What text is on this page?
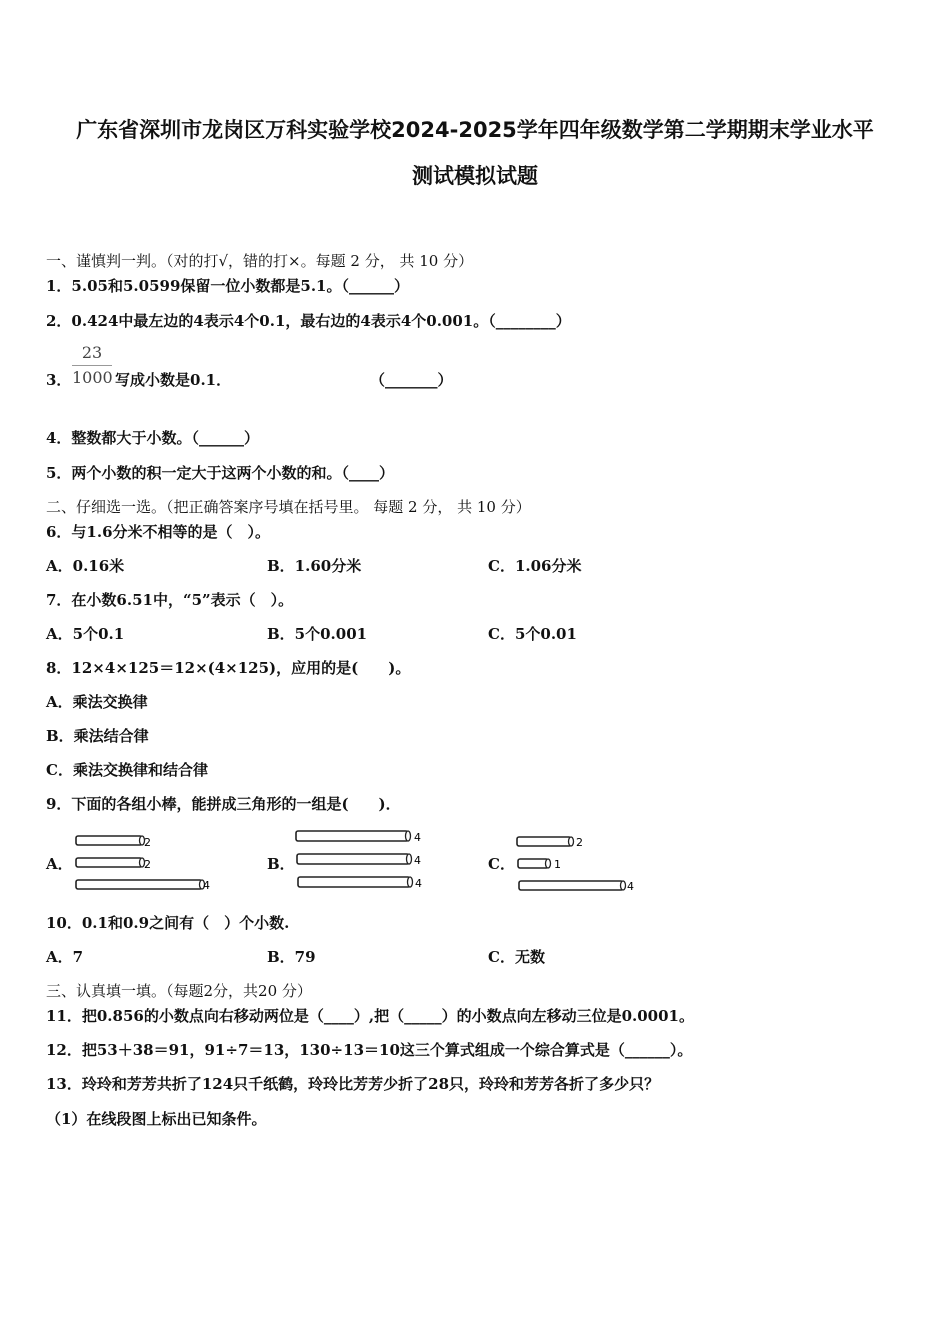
广东省深圳市龙岗区万科实验学校2024-2025学年四年级数学第二学期期末学业水平
测试模拟试题
一、谨慎判一判。（对的打√，错的打×。每题 2 分， 共 10 分）
1．5.05和5.0599保留一位小数都是5.1。（______）
2．0.424中最左边的4表示4个0.1，最右边的4表示4个0.001。（________）
3．
23
1000 写成小数是0.1．	（_______）
4．整数都大于小数。（______）
5．两个小数的积一定大于这两个小数的和。（____）
二、仔细选一选。（把正确答案序号填在括号里。 每题 2 分， 共 10 分）
6．与1.6分米不相等的是（　）。
A．0.16米	B．1.60分米	C．1.06分米
7．在小数6.51中，“5”表示（　）。
A．5个0.1	B．5个0.001	C．5个0.01
8．12×4×125＝12×(4×125)，应用的是(　　)。
A．乘法交换律
B．乘法结合律
C．乘法交换律和结合律
9．下面的各组小棒，能拼成三角形的一组是(　　)．
A．
2
2
4
B．
4
4
4
C．
2
1
4
10．0.1和0.9之间有（　）个小数.
A．7	B．79	C．无数
三、认真填一填。（每题2分，共20 分）
11．把0.856的小数点向右移动两位是（____）,把（_____）的小数点向左移动三位是0.0001。
12．把53＋38＝91，91÷7＝13，130÷13＝10这三个算式组成一个综合算式是（______）。
13．玲玲和芳芳共折了124只千纸鹤，玲玲比芳芳少折了28只，玲玲和芳芳各折了多少只？
（1）在线段图上标出已知条件。
